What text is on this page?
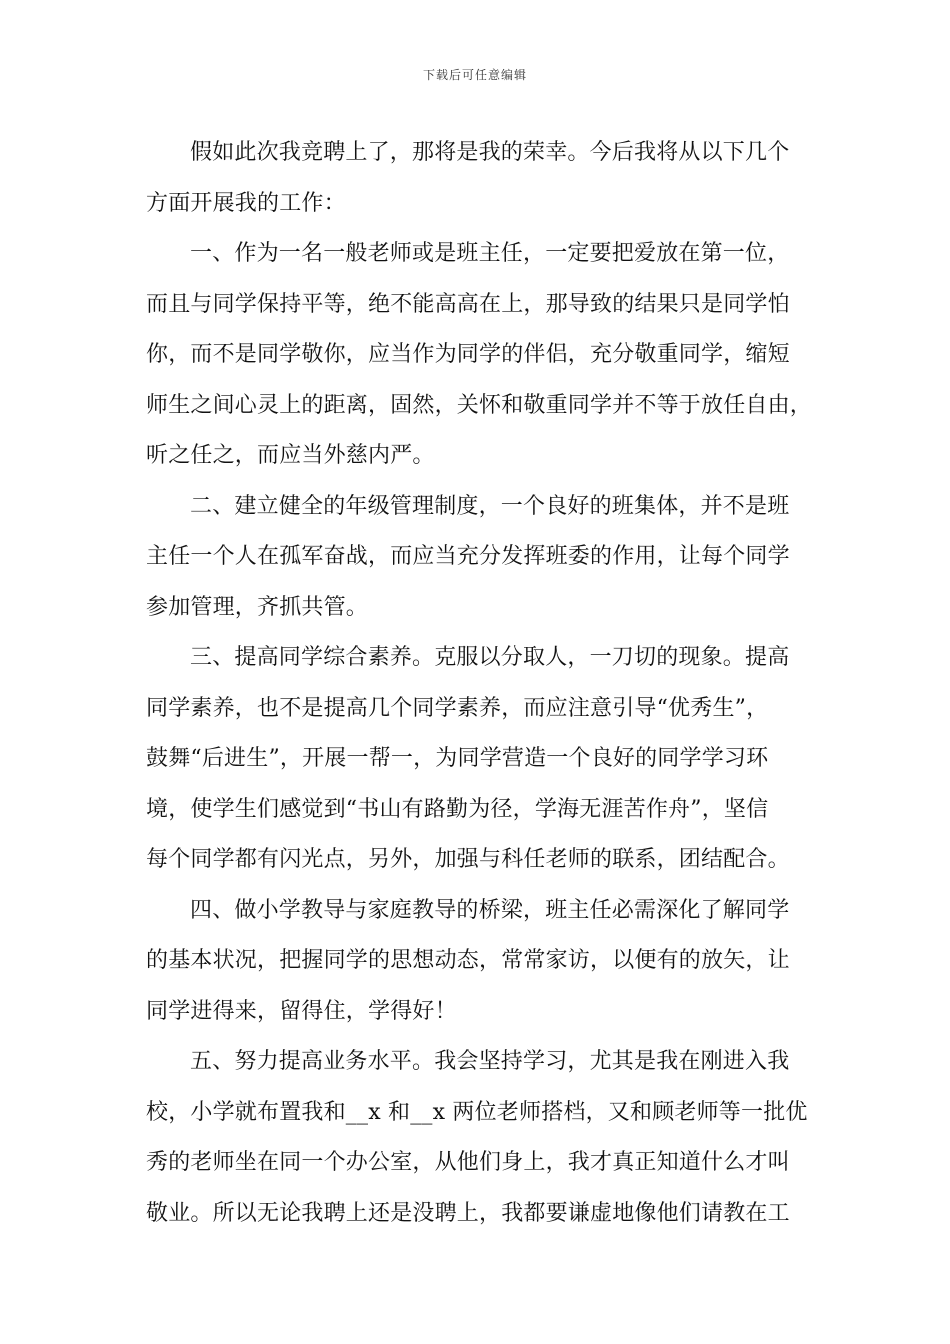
下载后可任意编辑
假如此次我竞聘上了，那将是我的荣幸。今后我将从以下几个
方面开展我的工作：
一、作为一名一般老师或是班主任，一定要把爱放在第一位，
而且与同学保持平等，绝不能高高在上，那导致的结果只是同学怕
你，而不是同学敬你，应当作为同学的伴侣，充分敬重同学，缩短
师生之间心灵上的距离，固然，关怀和敬重同学并不等于放任自由，
听之任之，而应当外慈内严。
二、建立健全的年级管理制度，一个良好的班集体，并不是班
主任一个人在孤军奋战，而应当充分发挥班委的作用，让每个同学
参加管理，齐抓共管。
三、提高同学综合素养。克服以分取人，一刀切的现象。提高
同学素养，也不是提高几个同学素养，而应注意引导“优秀生”，
鼓舞“后进生”，开展一帮一，为同学营造一个良好的同学学习环
境，使学生们感觉到“书山有路勤为径，学海无涯苦作舟”，坚信
每个同学都有闪光点，另外，加强与科任老师的联系，团结配合。
四、做小学教导与家庭教导的桥梁，班主任必需深化了解同学
的基本状况，把握同学的思想动态，常常家访，以便有的放矢，让
同学进得来，留得住，学得好！
五、努力提高业务水平。我会坚持学习，尤其是我在刚进入我
校，小学就布置我和__x 和__x 两位老师搭档，又和顾老师等一批优
秀的老师坐在同一个办公室，从他们身上，我才真正知道什么才叫
敬业。所以无论我聘上还是没聘上，我都要谦虚地像他们请教在工
